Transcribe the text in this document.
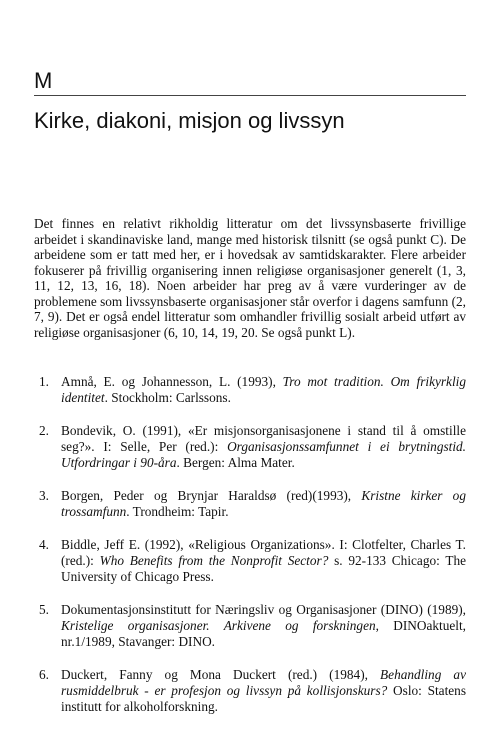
M
Kirke, diakoni, misjon og livssyn

Det finnes en relativt rikholdig litteratur om det livssynsbaserte frivillige arbeidet i skandinaviske land, mange med historisk tilsnitt (se også punkt C). De arbeidene som er tatt med her, er i hovedsak av samtidskarakter. Flere arbeider fokuserer på frivillig organisering innen religiøse organisasjoner generelt (1, 3, 11, 12, 13, 16, 18). Noen arbeider har preg av å være vurderinger av de problemene som livssynsbaserte organisasjoner står overfor i dagens samfunn (2, 7, 9). Det er også endel litteratur som omhandler frivillig sosialt arbeid utført av religiøse organisasjoner (6, 10, 14, 19, 20. Se også punkt L).

1. Amnå, E. og Johannesson, L. (1993), Tro mot tradition. Om frikyrklig identitet. Stockholm: Carlssons.

2. Bondevik, O. (1991), «Er misjonsorganisasjonene i stand til å omstille seg?». I: Selle, Per (red.): Organisasjonssamfunnet i ei brytningstid. Utfordringar i 90-åra. Bergen: Alma Mater.

3. Borgen, Peder og Brynjar Haraldsø (red)(1993), Kristne kirker og trossamfunn. Trondheim: Tapir.

4. Biddle, Jeff E. (1992), «Religious Organizations». I: Clotfelter, Charles T. (red.): Who Benefits from the Nonprofit Sector? s. 92-133 Chicago: The University of Chicago Press.

5. Dokumentasjonsinstitutt for Næringsliv og Organisasjoner (DINO) (1989), Kristelige organisasjoner. Arkivene og forskningen, DINOaktuelt, nr.1/1989, Stavanger: DINO.

6. Duckert, Fanny og Mona Duckert (red.) (1984), Behandling av rusmiddelbruk - er profesjon og livssyn på kollisjonskurs? Oslo: Statens institutt for alkoholforskning.
